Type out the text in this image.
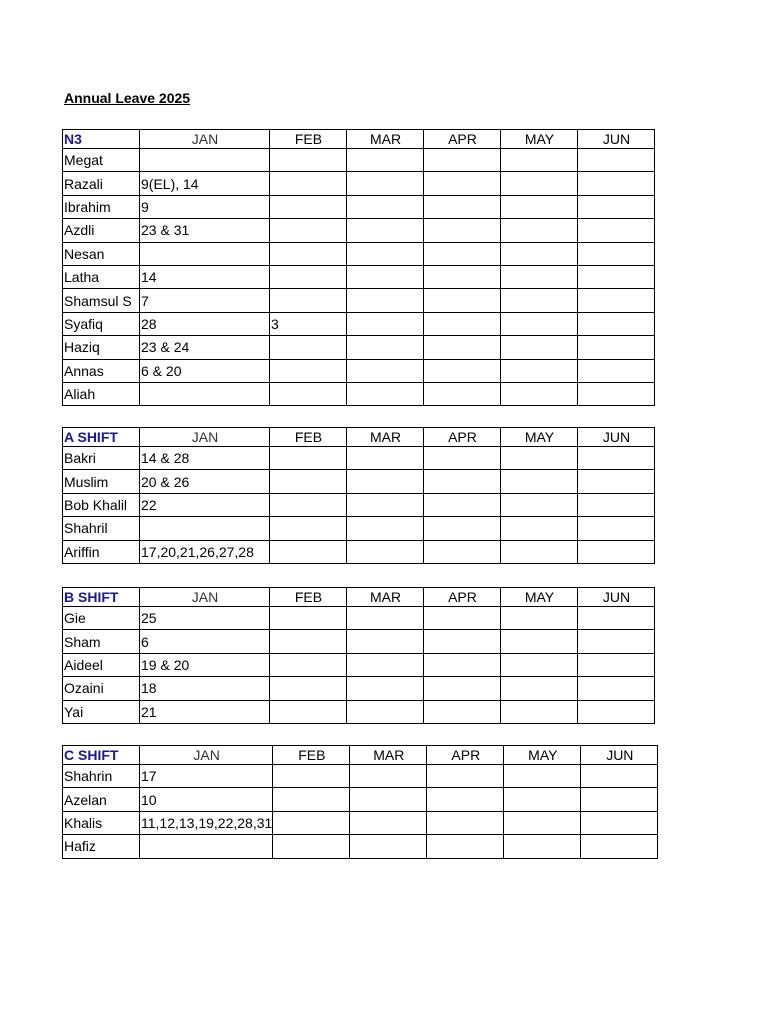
Annual Leave 2025
N3	JAN	FEB	MAR	APR	MAY	JUN
Megat						
Razali	9(EL), 14					
Ibrahim	9					
Azdli	23 & 31					
Nesan						
Latha	14					
Shamsul S	7					
Syafiq	28	3				
Haziq	23 & 24					
Annas	6 & 20					
Aliah						
A SHIFT	JAN	FEB	MAR	APR	MAY	JUN
Bakri	14 & 28					
Muslim	20 & 26					
Bob Khalil	22					
Shahril						
Ariffin	17,20,21,26,27,28					
B SHIFT	JAN	FEB	MAR	APR	MAY	JUN
Gie	25					
Sham	6					
Aideel	19 & 20					
Ozaini	18					
Yai	21					
C SHIFT	JAN	FEB	MAR	APR	MAY	JUN
Shahrin	17					
Azelan	10					
Khalis	11,12,13,19,22,28,31					
Hafiz						
